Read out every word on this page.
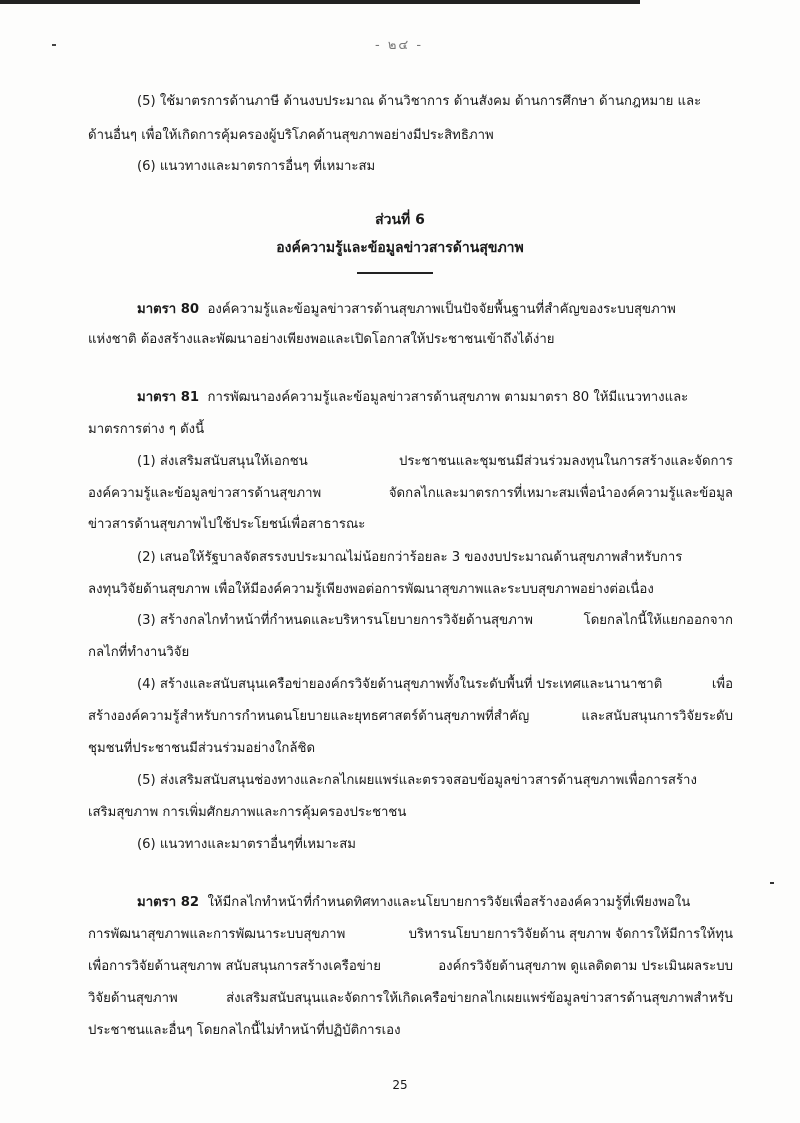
- ๒๔ -
(5) ใช้มาตรการด้านภาษี ด้านงบประมาณ ด้านวิชาการ ด้านสังคม ด้านการศึกษา ด้านกฎหมาย และ
ด้านอื่นๆ เพื่อให้เกิดการคุ้มครองผู้บริโภคด้านสุขภาพอย่างมีประสิทธิภาพ
(6) แนวทางและมาตรการอื่นๆ ที่เหมาะสม
ส่วนที่ 6
องค์ความรู้และข้อมูลข่าวสารด้านสุขภาพ
มาตรา 80 องค์ความรู้และข้อมูลข่าวสารด้านสุขภาพเป็นปัจจัยพื้นฐานที่สำคัญของระบบสุขภาพ
แห่งชาติ ต้องสร้างและพัฒนาอย่างเพียงพอและเปิดโอกาสให้ประชาชนเข้าถึงได้ง่าย
มาตรา 81 การพัฒนาองค์ความรู้และข้อมูลข่าวสารด้านสุขภาพ ตามมาตรา 80 ให้มีแนวทางและ
มาตรการต่าง ๆ ดังนี้
(1) ส่งเสริมสนับสนุนให้เอกชน	ประชาชนและชุมชนมีส่วนร่วมลงทุนในการสร้างและจัดการ
องค์ความรู้และข้อมูลข่าวสารด้านสุขภาพ	จัดกลไกและมาตรการที่เหมาะสมเพื่อนำองค์ความรู้และข้อมูล
ข่าวสารด้านสุขภาพไปใช้ประโยชน์เพื่อสาธารณะ
(2) เสนอให้รัฐบาลจัดสรรงบประมาณไม่น้อยกว่าร้อยละ 3 ของงบประมาณด้านสุขภาพสำหรับการ
ลงทุนวิจัยด้านสุขภาพ เพื่อให้มีองค์ความรู้เพียงพอต่อการพัฒนาสุขภาพและระบบสุขภาพอย่างต่อเนื่อง
(3) สร้างกลไกทำหน้าที่กำหนดและบริหารนโยบายการวิจัยด้านสุขภาพ	โดยกลไกนี้ให้แยกออกจาก
กลไกที่ทำงานวิจัย
(4) สร้างและสนับสนุนเครือข่ายองค์กรวิจัยด้านสุขภาพทั้งในระดับพื้นที่ ประเทศและนานาชาติ	เพื่อ
สร้างองค์ความรู้สำหรับการกำหนดนโยบายและยุทธศาสตร์ด้านสุขภาพที่สำคัญ	และสนับสนุนการวิจัยระดับ
ชุมชนที่ประชาชนมีส่วนร่วมอย่างใกล้ชิด
(5) ส่งเสริมสนับสนุนช่องทางและกลไกเผยแพร่และตรวจสอบข้อมูลข่าวสารด้านสุขภาพเพื่อการสร้าง
เสริมสุขภาพ การเพิ่มศักยภาพและการคุ้มครองประชาชน
(6) แนวทางและมาตราอื่นๆที่เหมาะสม
มาตรา 82 ให้มีกลไกทำหน้าที่กำหนดทิศทางและนโยบายการวิจัยเพื่อสร้างองค์ความรู้ที่เพียงพอใน
การพัฒนาสุขภาพและการพัฒนาระบบสุขภาพ	บริหารนโยบายการวิจัยด้าน สุขภาพ จัดการให้มีการให้ทุน
เพื่อการวิจัยด้านสุขภาพ สนับสนุนการสร้างเครือข่าย	องค์กรวิจัยด้านสุขภาพ ดูแลติดตาม ประเมินผลระบบ
วิจัยด้านสุขภาพ	ส่งเสริมสนับสนุนและจัดการให้เกิดเครือข่ายกลไกเผยแพร่ข้อมูลข่าวสารด้านสุขภาพสำหรับ
ประชาชนและอื่นๆ โดยกลไกนี้ไม่ทำหน้าที่ปฏิบัติการเอง
25
